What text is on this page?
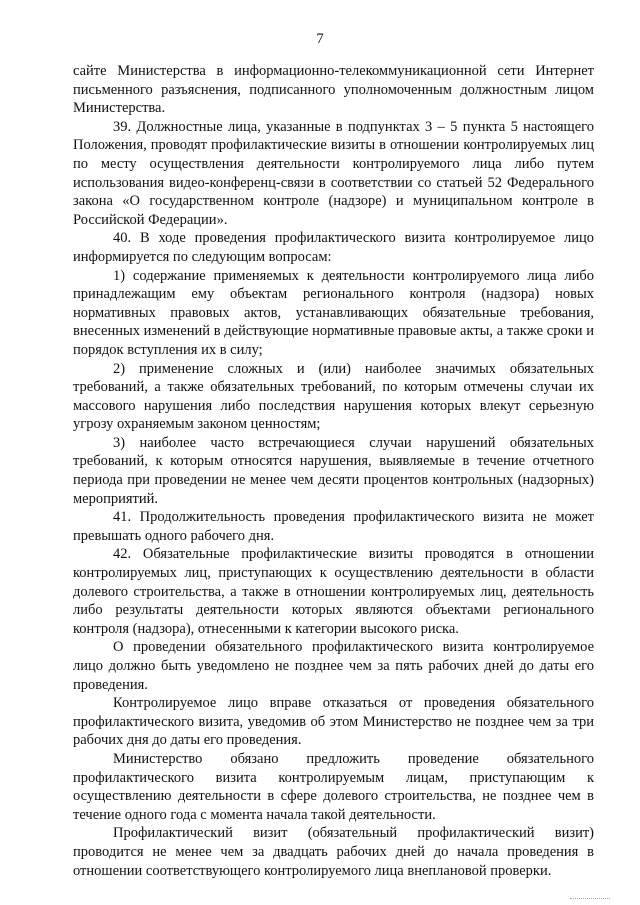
7

сайте Министерства в информационно-телекоммуникационной сети Интернет письменного разъяснения, подписанного уполномоченным должностным лицом Министерства.

39. Должностные лица, указанные в подпунктах 3 – 5 пункта 5 настоящего Положения, проводят профилактические визиты в отношении контролируемых лиц по месту осуществления деятельности контролируемого лица либо путем использования видео-конференц-связи в соответствии со статьей 52 Федерального закона «О государственном контроле (надзоре) и муниципальном контроле в Российской Федерации».

40. В ходе проведения профилактического визита контролируемое лицо информируется по следующим вопросам:

1) содержание применяемых к деятельности контролируемого лица либо принадлежащим ему объектам регионального контроля (надзора) новых нормативных правовых актов, устанавливающих обязательные требования, внесенных изменений в действующие нормативные правовые акты, а также сроки и порядок вступления их в силу;

2) применение сложных и (или) наиболее значимых обязательных требований, а также обязательных требований, по которым отмечены случаи их массового нарушения либо последствия нарушения которых влекут серьезную угрозу охраняемым законом ценностям;

3) наиболее часто встречающиеся случаи нарушений обязательных требований, к которым относятся нарушения, выявляемые в течение отчетного периода при проведении не менее чем десяти процентов контрольных (надзорных) мероприятий.

41. Продолжительность проведения профилактического визита не может превышать одного рабочего дня.

42. Обязательные профилактические визиты проводятся в отношении контролируемых лиц, приступающих к осуществлению деятельности в области долевого строительства, а также в отношении контролируемых лиц, деятельность либо результаты деятельности которых являются объектами регионального контроля (надзора), отнесенными к категории высокого риска.

О проведении обязательного профилактического визита контролируемое лицо должно быть уведомлено не позднее чем за пять рабочих дней до даты его проведения.

Контролируемое лицо вправе отказаться от проведения обязательного профилактического визита, уведомив об этом Министерство не позднее чем за три рабочих дня до даты его проведения.

Министерство обязано предложить проведение обязательного профилактического визита контролируемым лицам, приступающим к осуществлению деятельности в сфере долевого строительства, не позднее чем в течение одного года с момента начала такой деятельности.

Профилактический визит (обязательный профилактический визит) проводится не менее чем за двадцать рабочих дней до начала проведения в отношении соответствующего контролируемого лица внеплановой проверки.
